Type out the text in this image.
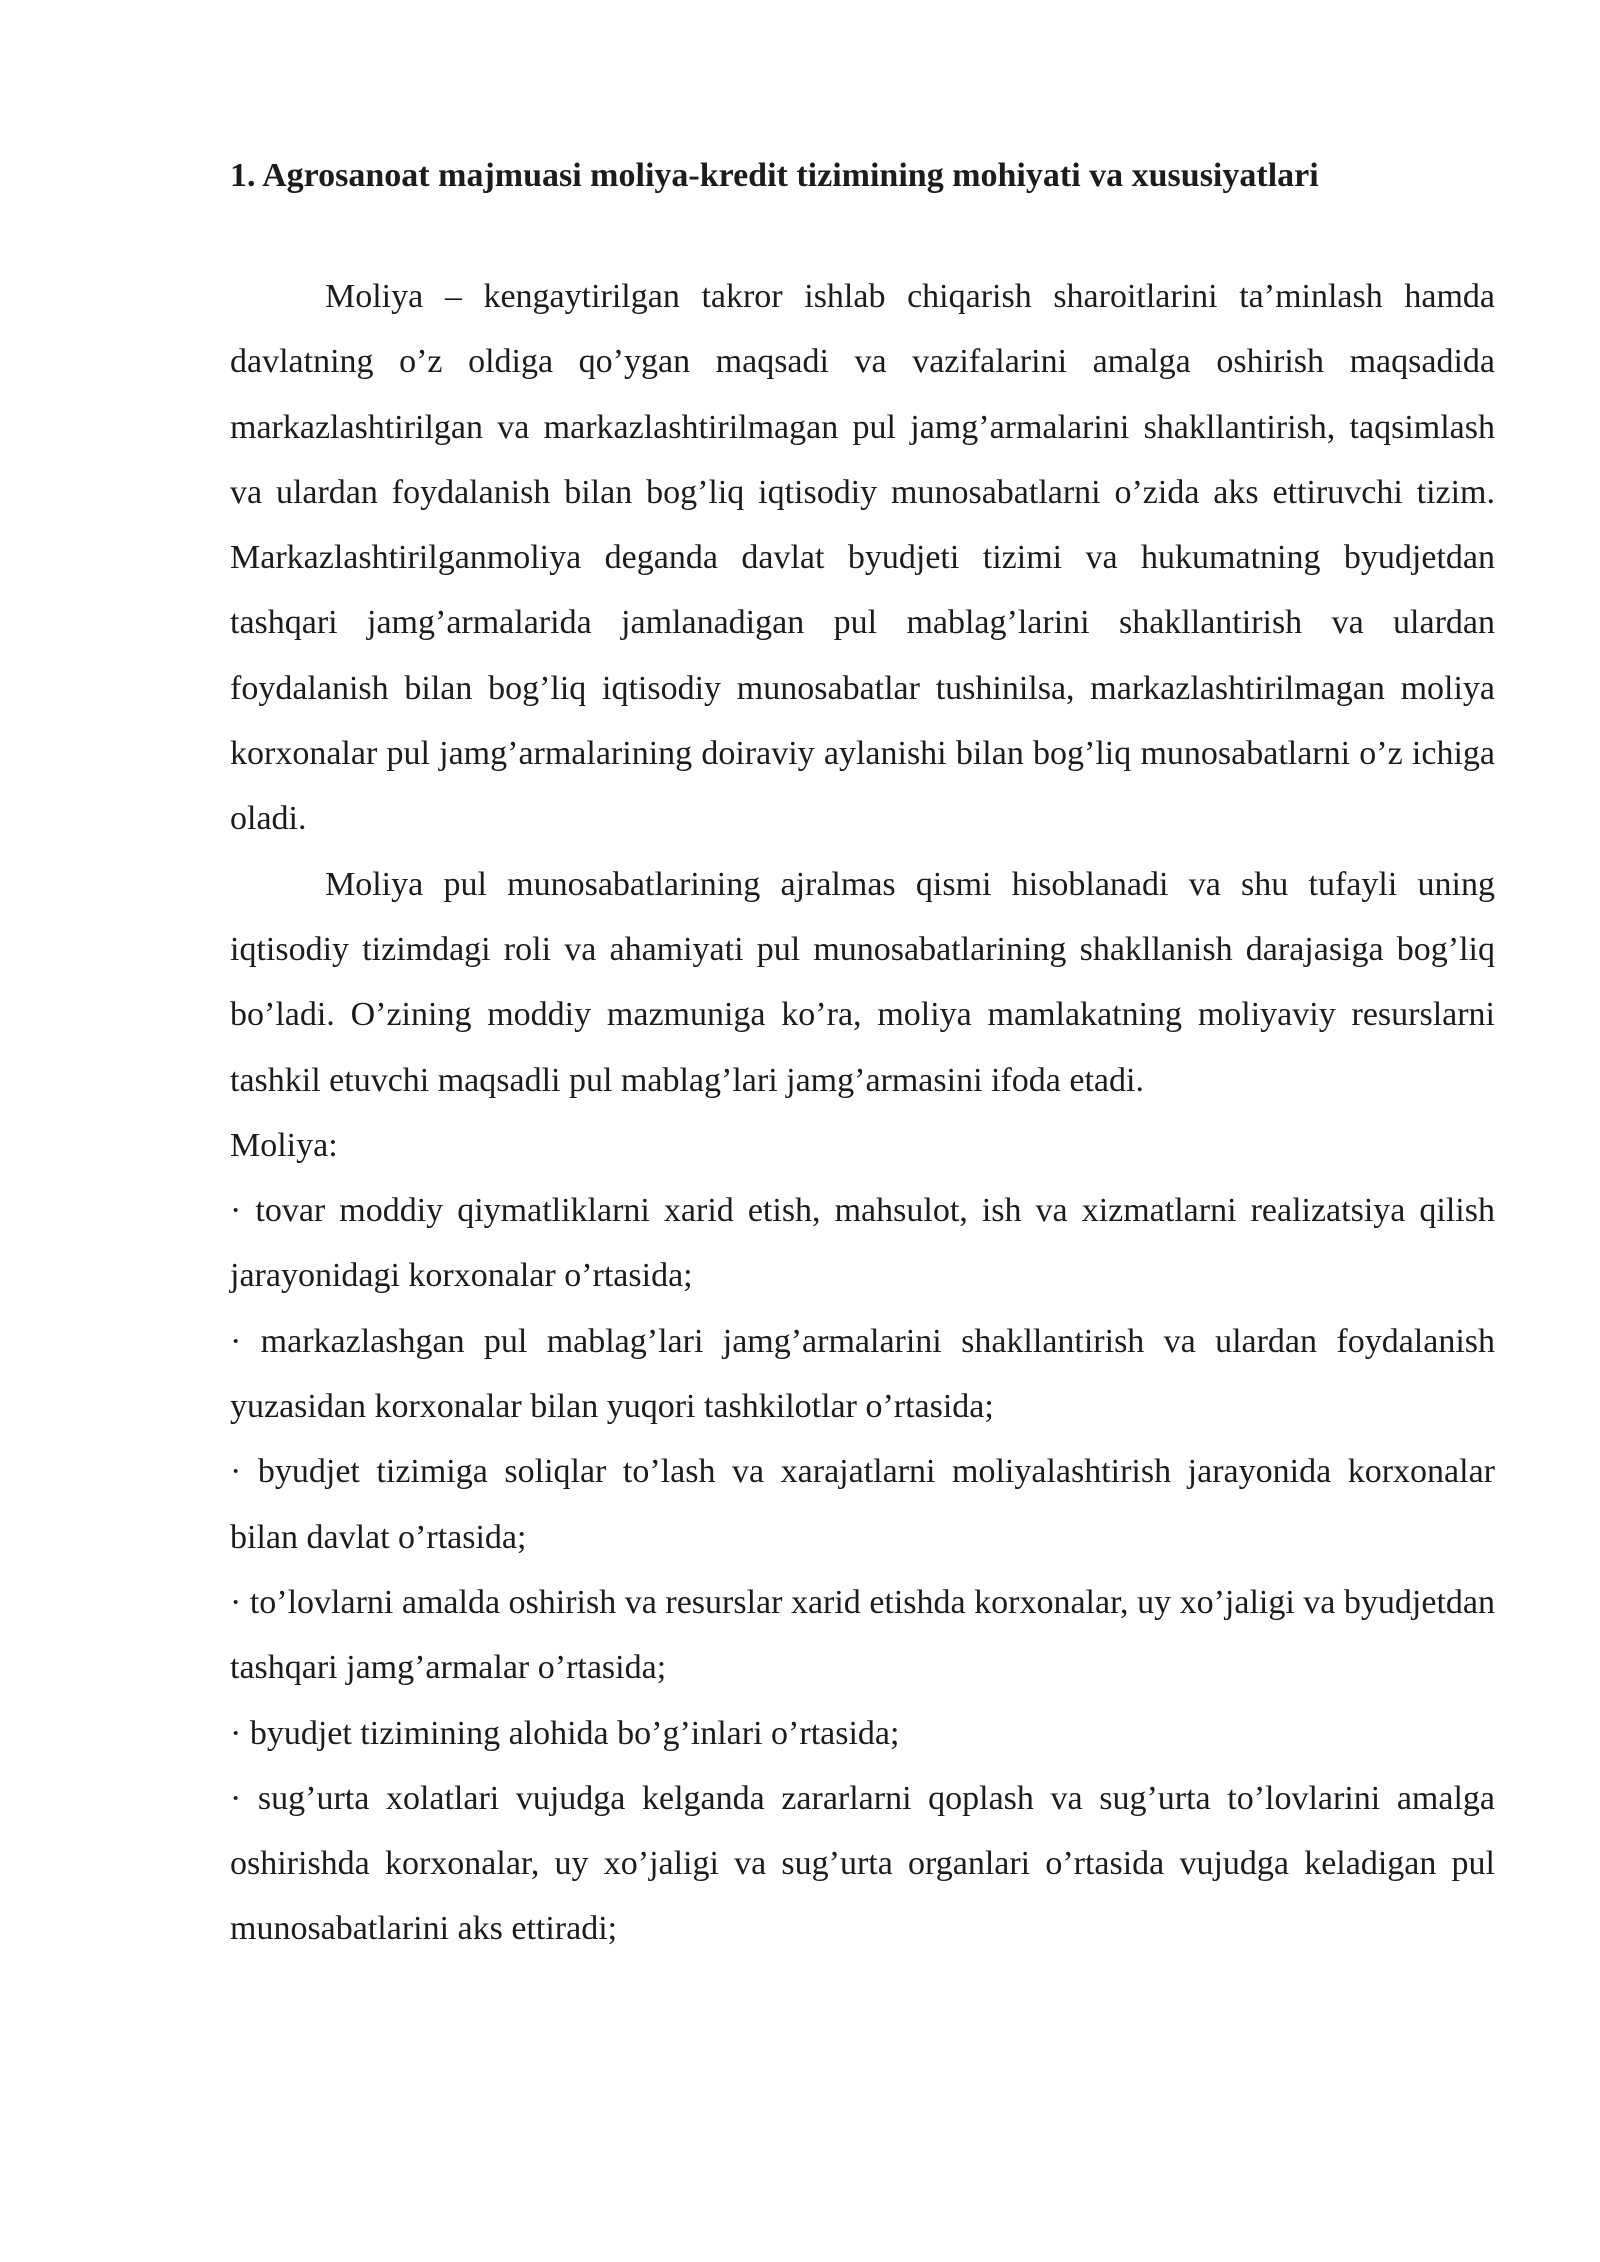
1. Agrosanoat majmuasi moliya-kredit tizimining mohiyati va xususiyatlari

Moliya – kengaytirilgan takror ishlab chiqarish sharoitlarini ta’minlash hamda davlatning o’z oldiga qo’ygan maqsadi va vazifalarini amalga oshirish maqsadida markazlashtirilgan va markazlashtirilmagan pul jamg’armalarini shakllantirish, taqsimlash va ulardan foydalanish bilan bog’liq iqtisodiy munosabatlarni o’zida aks ettiruvchi tizim. Markazlashtirilganmoliya deganda davlat byudjeti tizimi va hukumatning byudjetdan tashqari jamg’armalarida jamlanadigan pul mablag’larini shakllantirish va ulardan foydalanish bilan bog’liq iqtisodiy munosabatlar tushinilsa, markazlashtirilmagan moliya korxonalar pul jamg’armalarining doiraviy aylanishi bilan bog’liq munosabatlarni o’z ichiga oladi.

Moliya pul munosabatlarining ajralmas qismi hisoblanadi va shu tufayli uning iqtisodiy tizimdagi roli va ahamiyati pul munosabatlarining shakllanish darajasiga bog’liq bo’ladi. O’zining moddiy mazmuniga ko’ra, moliya mamlakatning moliyaviy resurslarni tashkil etuvchi maqsadli pul mablag’lari jamg’armasini ifoda etadi.

Moliya:

· tovar moddiy qiymatliklarni xarid etish, mahsulot, ish va xizmatlarni realizatsiya qilish jarayonidagi korxonalar o’rtasida;

· markazlashgan pul mablag’lari jamg’armalarini shakllantirish va ulardan foydalanish yuzasidan korxonalar bilan yuqori tashkilotlar o’rtasida;

· byudjet tizimiga soliqlar to’lash va xarajatlarni moliyalashtirish jarayonida korxonalar bilan davlat o’rtasida;

· to’lovlarni amalda oshirish va resurslar xarid etishda korxonalar, uy xo’jaligi va byudjetdan tashqari jamg’armalar o’rtasida;

· byudjet tizimining alohida bo’g’inlari o’rtasida;

· sug’urta xolatlari vujudga kelganda zararlarni qoplash va sug’urta to’lovlarini amalga oshirishda korxonalar, uy xo’jaligi va sug’urta organlari o’rtasida vujudga keladigan pul munosabatlarini aks ettiradi;
